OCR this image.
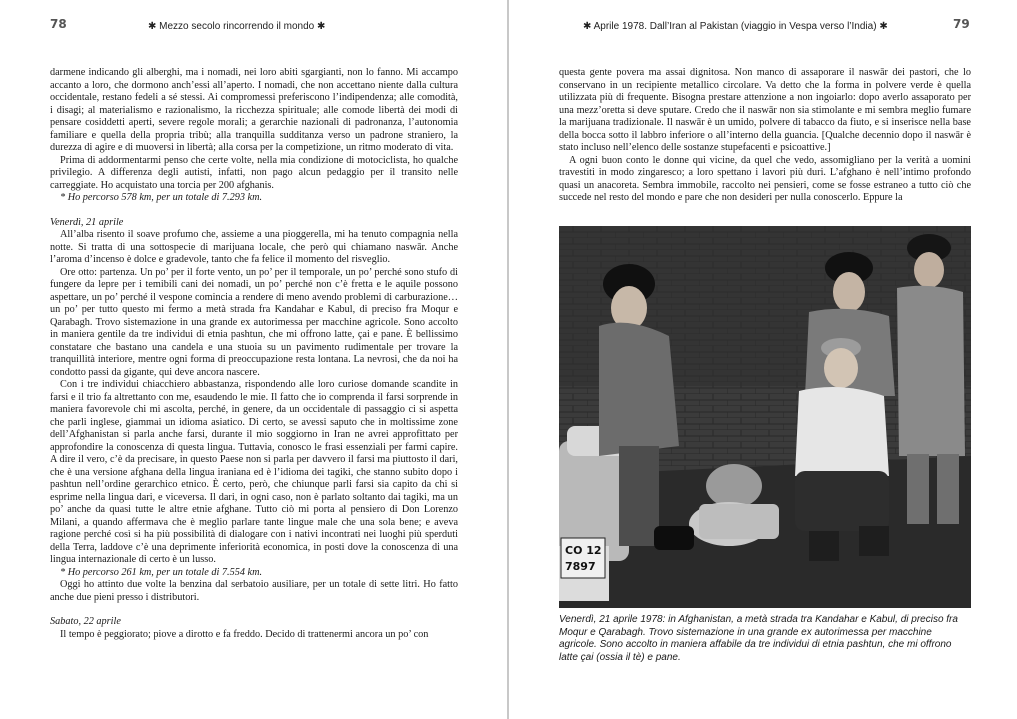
78	✱ Mezzo secolo rincorrendo il mondo ✱

darmene indicando gli alberghi, ma i nomadi, nei loro abiti sgargianti, non lo fanno. Mi accampo accanto a loro, che dormono anch’essi all’aperto. I nomadi, che non accettano niente dalla cultura occidentale, restano fedeli a sé stessi. Ai compromessi preferiscono l’indipendenza; alle comodità, i disagi; al materialismo e razionalismo, la ricchezza spirituale; alle comode libertà dei modi di pensare cosiddetti aperti, severe regole morali; a gerarchie nazionali di padronanza, l’autonomia familiare e quella della propria tribù; alla tranquilla sudditanza verso un padrone straniero, la durezza di agire e di muoversi in libertà; alla corsa per la competizione, un ritmo moderato di vita.

Prima di addormentarmi penso che certe volte, nella mia condizione di motociclista, ho qualche privilegio. A differenza degli autisti, infatti, non pago alcun pedaggio per il transito nelle carreggiate. Ho acquistato una torcia per 200 afghanis.

* Ho percorso 578 km, per un totale di 7.293 km.

Venerdì, 21 aprile

All’alba risento il soave profumo che, assieme a una pioggerella, mi ha tenuto compagnia nella notte. Si tratta di una sottospecie di marijuana locale, che però qui chiamano naswār. Anche l’aroma d’incenso è dolce e gradevole, tanto che fa felice il momento del risveglio.

Ore otto: partenza. Un po’ per il forte vento, un po’ per il temporale, un po’ perché sono stufo di fungere da lepre per i temibili cani dei nomadi, un po’ perché non c’è fretta e le aquile possono aspettare, un po’ perché il vespone comincia a rendere di meno avendo problemi di carburazione… un po’ per tutto questo mi fermo a metà strada fra Kandahar e Kabul, di preciso fra Moqur e Qarabagh. Trovo sistemazione in una grande ex autorimessa per macchine agricole. Sono accolto in maniera gentile da tre individui di etnia pashtun, che mi offrono latte, çai e pane. È bellissimo constatare che bastano una candela e una stuoia su un pavimento rudimentale per trovare la tranquillità interiore, mentre ogni forma di preoccupazione resta lontana. La nevrosi, che da noi ha condotto passi da gigante, qui deve ancora nascere.

Con i tre individui chiacchiero abbastanza, rispondendo alle loro curiose domande scandite in farsi e il trio fa altrettanto con me, esaudendo le mie. Il fatto che io comprenda il farsi sorprende in maniera favorevole chi mi ascolta, perché, in genere, da un occidentale di passaggio ci si aspetta che parli inglese, giammai un idioma asiatico. Di certo, se avessi saputo che in moltissime zone dell’Afghanistan si parla anche farsi, durante il mio soggiorno in Iran ne avrei approfittato per approfondire la conoscenza di questa lingua. Tuttavia, conosco le frasi essenziali per farmi capire. A dire il vero, c’è da precisare, in questo Paese non si parla per davvero il farsi ma piuttosto il dari, che è una versione afghana della lingua iraniana ed è l’idioma dei tagiki, che stanno subito dopo i pashtun nell’ordine gerarchico etnico. È certo, però, che chiunque parli farsi sia capito da chi si esprime nella lingua dari, e viceversa. Il dari, in ogni caso, non è parlato soltanto dai tagiki, ma un po’ anche da quasi tutte le altre etnie afghane. Tutto ciò mi porta al pensiero di Don Lorenzo Milani, a quando affermava che è meglio parlare tante lingue male che una sola bene; e aveva ragione perché così si ha più possibilità di dialogare con i nativi incontrati nei luoghi più sperduti della Terra, laddove c’è una deprimente inferiorità economica, in posti dove la conoscenza di una lingua internazionale di certo è un lusso.

* Ho percorso 261 km, per un totale di 7.554 km.

Oggi ho attinto due volte la benzina dal serbatoio ausiliare, per un totale di sette litri. Ho fatto anche due pieni presso i distributori.

Sabato, 22 aprile

Il tempo è peggiorato; piove a dirotto e fa freddo. Decido di trattenermi ancora un po’ con

✱ Aprile 1978. Dall’Iran al Pakistan (viaggio in Vespa verso l’India) ✱	79

questa gente povera ma assai dignitosa. Non manco di assaporare il naswār dei pastori, che lo conservano in un recipiente metallico circolare. Va detto che la forma in polvere verde è quella utilizzata più di frequente. Bisogna prestare attenzione a non ingoiarlo: dopo averlo assaporato per una mezz’oretta si deve sputare. Credo che il naswār non sia stimolante e mi sembra meglio fumare la marijuana tradizionale. Il naswār è un umido, polvere di tabacco da fiuto, e si inserisce nella base della bocca sotto il labbro inferiore o all’interno della guancia. [Qualche decennio dopo il naswār è stato incluso nell’elenco delle sostanze stupefacenti e psicoattive.]

A ogni buon conto le donne qui vicine, da quel che vedo, assomigliano per la verità a uomini travestiti in modo zingaresco; a loro spettano i lavori più duri. L’afghano è nell’intimo profondo quasi un anacoreta. Sembra immobile, raccolto nei pensieri, come se fosse estraneo a tutto ciò che succede nel resto del mondo e pare che non desideri per nulla conoscerlo. Eppure la

CO 12
7897
Venerdì, 21 aprile 1978: in Afghanistan, a metà strada tra Kandahar e Kabul, di preciso fra Moqur e Qarabagh. Trovo sistemazione in una grande ex autorimessa per macchine agricole. Sono accolto in maniera affabile da tre individui di etnia pashtun, che mi offrono latte çai (ossia il tè) e pane.
